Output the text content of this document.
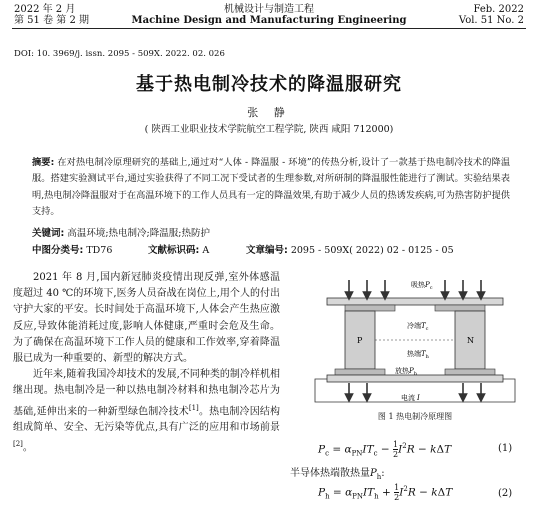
2022 年 2 月
第 51 卷 第 2 期
机械设计与制造工程
Machine Design and Manufacturing Engineering
Feb. 2022
Vol. 51 No. 2
DOI: 10. 3969/j. issn. 2095 - 509X. 2022. 02. 026
基于热电制冷技术的降温服研究
张 静
( 陕西工业职业技术学院航空工程学院, 陕西 咸阳 712000)
摘要: 在对热电制冷原理研究的基础上,通过对“人体 - 降温服 - 环境”的传热分析,设计了一款基于热电制冷技术的降温服。搭建实验测试平台,通过实验获得了不同工况下受试者的生理参数,对所研制的降温服性能进行了测试。实验结果表明,热电制冷降温服对于在高温环境下的工作人员具有一定的降温效果,有助于减少人员的热诱发疾病,可为热害防护提供支持。
关键词: 高温环境;热电制冷;降温服;热防护
中图分类号: TD76	文献标识码: A	文章编号: 2095 - 509X( 2022) 02 - 0125 - 05

2021 年 8 月,国内新冠肺炎疫情出现反弹,室外体感温度超过 40 ℃的环境下,医务人员奋战在岗位上,用个人的付出守护大家的平安。长时间处于高温环境下,人体会产生热应激反应,导致体能消耗过度,影响人体健康,严重时会危及生命。为了确保在高温环境下工作人员的健康和工作效率,穿着降温服已成为一种重要的、新型的解决方式。

近年来,随着我国冷却技术的发展,不同种类的制冷样机相继出现。热电制冷是一种以热电制冷材料和热电制冷芯片为基础,延伸出来的一种新型绿色制冷技术[1]。热电制冷因结构组成简单、安全、无污染等优点,具有广泛的应用和市场前景[2]。

吸热$P_c$
冷端$T_c$
热端$T_h$
放热$P_h$
P	N
电流 I
图 1 热电制冷原理图
$P_c = \alpha_{PN}IT_c - \frac{1}{2} I^2R - k\Delta T$	(1)
半导体热端散热量$P_h$:
$P_h = \alpha_{PN}IT_h + \frac{1}{2} I^2R - k\Delta T$	(2)
